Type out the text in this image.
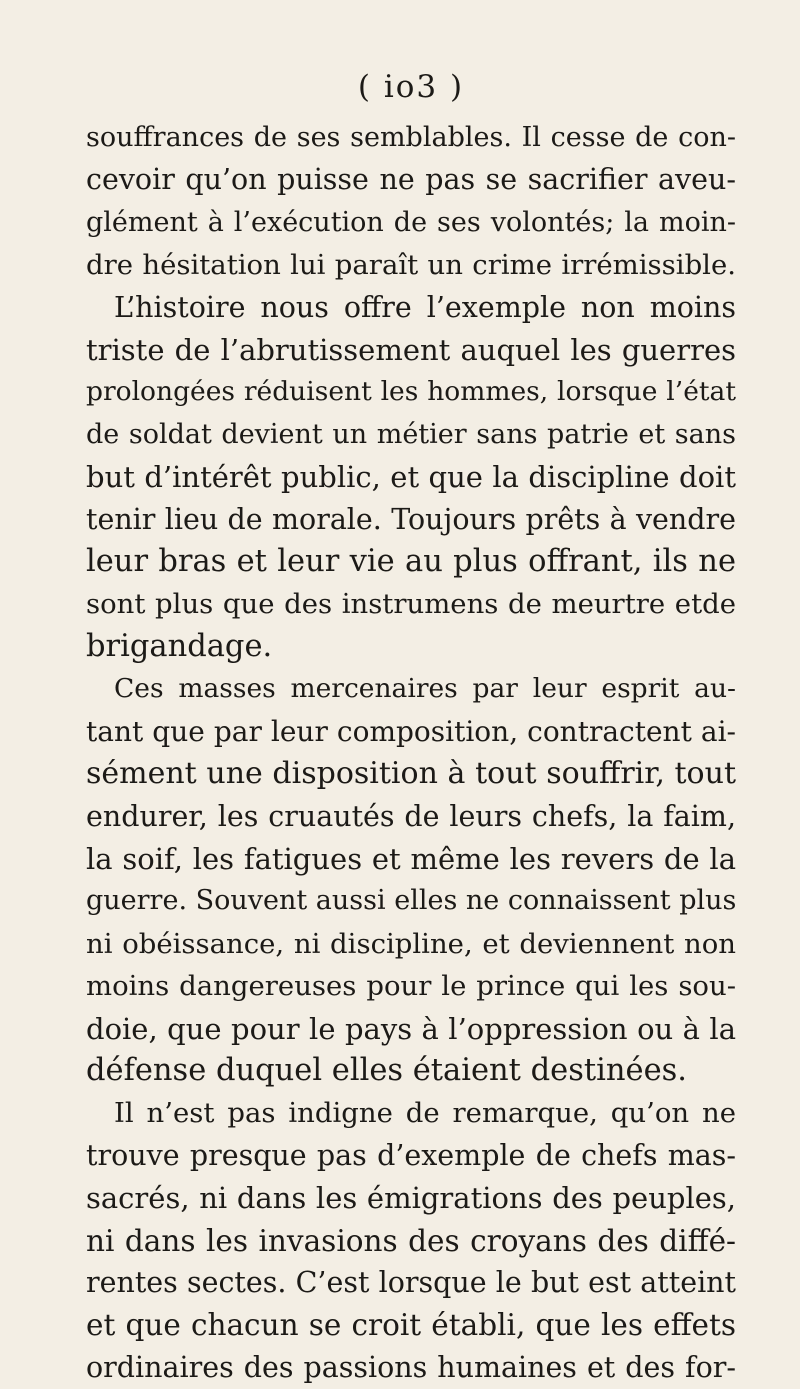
( io3 )
souffrances de ses semblables. Il cesse de con-
cevoir qu’on puisse ne pas se sacrifier aveu-
glément à l’exécution de ses volontés; la moin-
dre hésitation lui paraît un crime irrémissible.
L’histoire nous offre l’exemple non moins
triste de l’abrutissement auquel les guerres
prolongées réduisent les hommes, lorsque l’état
de soldat devient un métier sans patrie et sans
but d’intérêt public, et que la discipline doit
tenir lieu de morale. Toujours prêts à vendre
leur bras et leur vie au plus offrant, ils ne
sont plus que des instrumens de meurtre etde
brigandage.
Ces masses mercenaires par leur esprit au-
tant que par leur composition, contractent ai-
sément une disposition à tout souffrir, tout
endurer, les cruautés de leurs chefs, la faim,
la soif, les fatigues et même les revers de la
guerre. Souvent aussi elles ne connaissent plus
ni obéissance, ni discipline, et deviennent non
moins dangereuses pour le prince qui les sou-
doie, que pour le pays à l’oppression ou à la
défense duquel elles étaient destinées.
Il n’est pas indigne de remarque, qu’on ne
trouve presque pas d’exemple de chefs mas-
sacrés, ni dans les émigrations des peuples,
ni dans les invasions des croyans des diffé-
rentes sectes. C’est lorsque le but est atteint
et que chacun se croit établi, que les effets
ordinaires des passions humaines et des for-
